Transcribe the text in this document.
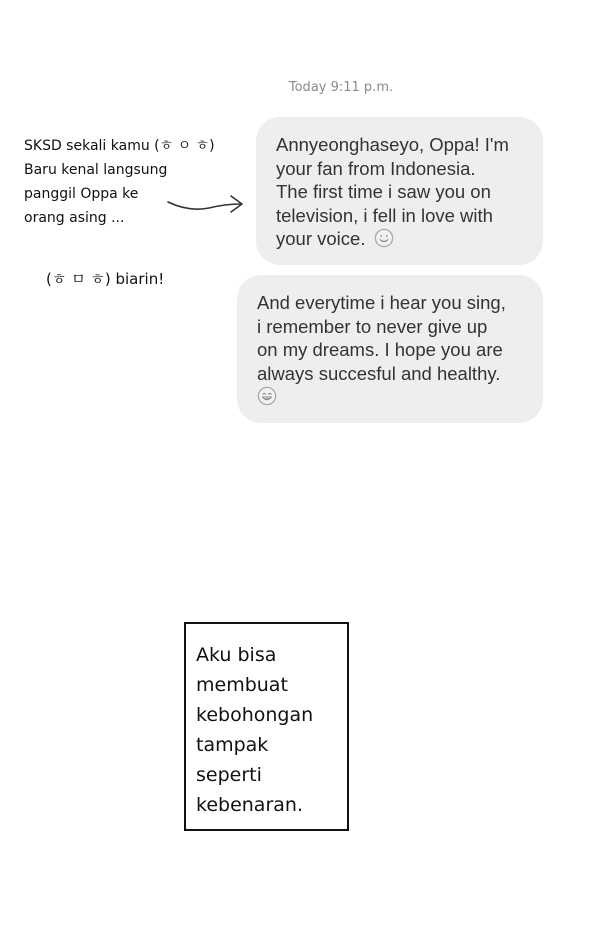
Today 9:11 p.m.
Annyeonghaseyo, Oppa! I'm
your fan from Indonesia.
The first time i saw you on
television, i fell in love with
your voice.
And everytime i hear you sing,
i remember to never give up
on my dreams. I hope you are
always succesful and healthy.
SKSD sekali kamu (ㅎ ㅇ ㅎ)
Baru kenal langsung
panggil Oppa ke
orang asing ...
(ㅎ ㅁ ㅎ) biarin!
Aku bisa
membuat
kebohongan
tampak
seperti
kebenaran.
